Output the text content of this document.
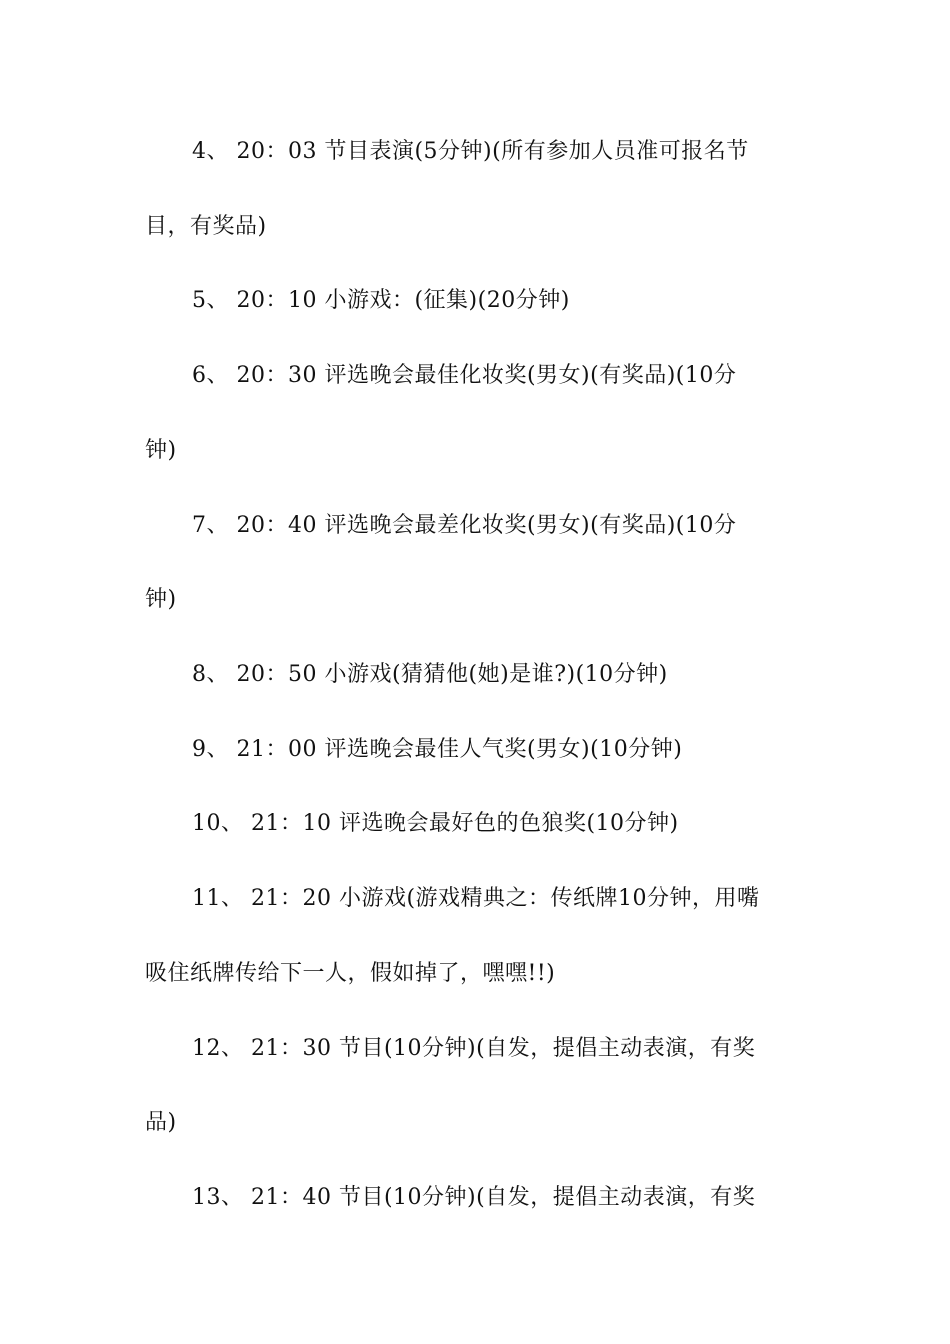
4、 20：03 节目表演(5分钟)(所有参加人员准可报名节
目，有奖品)
5、 20：10 小游戏：(征集)(20分钟)
6、 20：30 评选晚会最佳化妆奖(男女)(有奖品)(10分
钟)
7、 20：40 评选晚会最差化妆奖(男女)(有奖品)(10分
钟)
8、 20：50 小游戏(猜猜他(她)是谁?)(10分钟)
9、 21：00 评选晚会最佳人气奖(男女)(10分钟)
10、 21：10 评选晚会最好色的色狼奖(10分钟)
11、 21：20 小游戏(游戏精典之：传纸牌10分钟，用嘴
吸住纸牌传给下一人，假如掉了，嘿嘿!!)
12、 21：30 节目(10分钟)(自发，提倡主动表演，有奖
品)
13、 21：40 节目(10分钟)(自发，提倡主动表演，有奖
